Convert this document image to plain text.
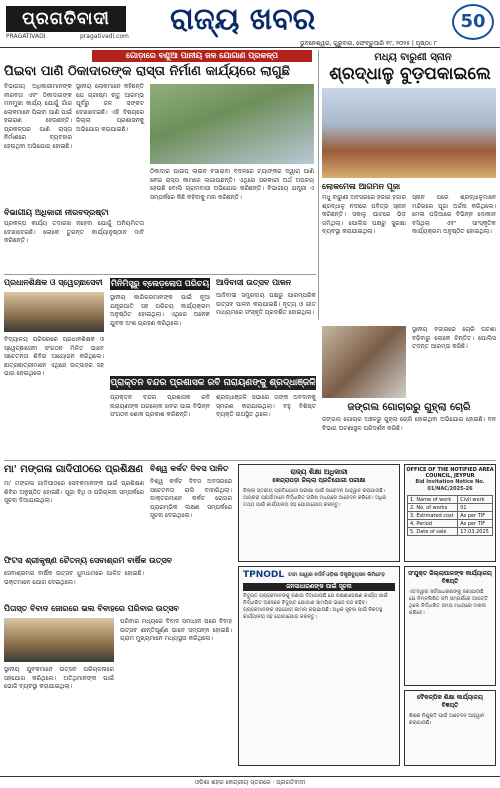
ପ୍ରଗତିବାଦୀ
PRAGATIVADI	pragativadi.com ରାଜ୍ୟ ଖବର	50
ଭୁବନେଶ୍ୱର, ଗୁରୁବାର, ଫେବ୍ରୁଆରି ୧୯, ୨୦୨୫ | ପୃଷ୍ଠା: ୮
ଗୋଡ଼ାରେ ବଣୁଆ ପାନୀୟ ଜଳ ଯୋଗାଣ ପ୍ରକଳ୍ପ
ପିଇବା ପାଣି ଠିକାଦାରଙ୍କ ରାସ୍ତା ନିର୍ମାଣ କାର୍ଯ୍ୟରେ ଲାଗୁଛି
ବିଭାଗୀୟ ଅଧିକାରୀମାନଙ୍କ ନୀରବତା ଏବଂ ଠିକାଦାରଙ୍କ ମନମୁଖୀ କାର୍ଯ୍ୟ ଯୋଗୁଁ ଗାଁର ଲୋକମାନେ ପିଇବା ପାଣି ପାଇଁ ହଇରାଣ ହେଉଛନ୍ତି। ପ୍ରକଳ୍ପର ପାଣି ରାସ୍ତା ନିର୍ମାଣରେ ବ୍ୟବହାର ହେଉଥିବା ଅଭିଯୋଗ ହୋଇଛି।
ସ୍ଥାନୀୟ ଲୋକମାନେ କହିଛନ୍ତି ଯେ ଗ୍ରୀଷ୍ମ ଋତୁ ଆରମ୍ଭ ପୂର୍ବରୁ ଜଳ ସଙ୍କଟ ଦେଖାଦେଇଛି। ଏହି ବିଷୟରେ ଜିଲ୍ଲା ପ୍ରଶାସନକୁ ଅଭିଯୋଗ କରାଯାଇଛି।
ବିଭାଗୀୟ ଅଧିକାରୀ ନୀରବଦ୍ରଷ୍ଟା
ପ୍ରକଳ୍ପ କାର୍ଯ୍ୟ ତଦାରଖ ନହେବା ଯୋଗୁଁ ଅନିୟମିତତା ଦେଖାଦେଇଛି। ଲୋକେ ତୁରନ୍ତ କାର୍ଯ୍ୟାନୁଷ୍ଠାନ ଦାବି କରିଛନ୍ତି।
ଠିକାଦାର ପାଇପ ଲାଇନ ବସାଇବା ବଦଳରେ ଟ୍ୟାଙ୍କର ଦ୍ୱାରା ପାଣି ନେଇ ରାସ୍ତା କାମରେ ଲଗାଉଛନ୍ତି। ଏଥିରେ ସରକାରୀ ଅର୍ଥ ଅପଚୟ ହେଉଛି ବୋଲି ଗ୍ରାମବାସୀ ଅଭିଯୋଗ କରିଛନ୍ତି। ବିଭାଗୀୟ ଯନ୍ତ୍ରୀ ଏ ସମ୍ପର୍କରେ କିଛି କହିବାକୁ ମନା କରିଛନ୍ତି।
ମଧ୍ୟ ବାରୁଣୀ ସ୍ନାନ
ଶ୍ରଦ୍ଧାଳୁ ବୁଡ଼ପକାଇଲେ
ଲୋକମେଳା ଆଗମନ ପୂଜା
ମଧୁ ବାରୁଣୀ ଅବସରରେ ହଜାର ହଜାର ଶ୍ରଦ୍ଧାଳୁ ନଦୀରେ ପବିତ୍ର ସ୍ନାନ କରିଛନ୍ତି। ସକାଳୁ ଘାଟରେ ଭିଡ଼ ଜମିଥିଲା। ପୋଲିସ ପକ୍ଷରୁ ସୁରକ୍ଷା ବ୍ୟବସ୍ଥା କରାଯାଇଥିଲା।
ସ୍ନାନ ପରେ ଶ୍ରଦ୍ଧାଳୁମାନେ ମନ୍ଦିରରେ ପୂଜା ଅର୍ଚ୍ଚନା କରିଥିଲେ। ମେଳା ପଡ଼ିଆରେ ବିଭିନ୍ନ ଦୋକାନ ବସିଥିଲା ଏବଂ ସାଂସ୍କୃତିକ କାର୍ଯ୍ୟକ୍ରମ ଅନୁଷ୍ଠିତ ହୋଇଥିଲା।
ପ୍ରଧାନଶିକ୍ଷକ ଓ ସ୍ୱେଚ୍ଛାସେବୀ
ବିଦ୍ୟାଳୟ ପରିସରରେ ପ୍ରଧାନଶିକ୍ଷକ ଓ ସ୍ୱେଚ୍ଛାସେବୀ ସଂଗଠନ ମିଳିତ ଭାବେ ସଚେତନତା ଶିବିର ଆୟୋଜନ କରିଥିଲେ। ଛାତ୍ରଛାତ୍ରୀମାନେ ଏଥିରେ ଉତ୍ସାହର ସହ ଭାଗ ନେଇଥିଲେ।
ମିନିମିସ୍ତ୍ରୁ ବ୍ଲେଡ଼ଲୋପ ପରିଚୟ
ସ୍ଥାନୀୟ କାରିଗରମାନଙ୍କ ପାଇଁ ନୂଆ ଯନ୍ତ୍ରପାତି ସହ ପରିଚୟ କାର୍ଯ୍ୟକ୍ରମ ଅନୁଷ୍ଠିତ ହୋଇଥିଲା। ଏଥିରେ ଅନେକ ଯୁବକ ଅଂଶ ଗ୍ରହଣ କରିଥିଲେ।
ଆଦିବାସୀ ଉତ୍ସବ ପାଳନ
ଆଦିବାସୀ ସମ୍ପ୍ରଦାୟ ପକ୍ଷରୁ ପାରମ୍ପରିକ ଉତ୍ସବ ପାଳନ କରାଯାଇଛି। ନୃତ୍ୟ ଓ ଗୀତ ମାଧ୍ୟମରେ ସଂସ୍କୃତି ପ୍ରଦର୍ଶିତ ହୋଇଥିଲା।
ପ୍ରାକ୍ତନ ବନ୍ଦର ପ୍ରଶାସକ ରବି ନାରାୟଣଙ୍କୁ ଶ୍ରଦ୍ଧାଞ୍ଜଳି
ପ୍ରାକ୍ତନ ବନ୍ଦର ପ୍ରଶାସକ ରବି ନାରାୟଣଙ୍କ ପରଲୋକ ଖବର ପାଇ ବିଭିନ୍ନ ସଂଗଠନ ଶୋକ ପ୍ରକାଶ କରିଛନ୍ତି।
ଶ୍ରଦ୍ଧାଞ୍ଜଳି ସଭାରେ ତାଙ୍କ ଅବଦାନକୁ ସ୍ମରଣ କରାଯାଇଥିଲା। ବହୁ ବିଶିଷ୍ଟ ବ୍ୟକ୍ତି ଉପସ୍ଥିତ ଥିଲେ।
ସ୍ଥାନୀୟ ବଜାରରେ ଚୋରି ଘଟଣା ବଢ଼ିବାରୁ ଲୋକେ ଚିନ୍ତିତ। ପୋଲିସ ତଦନ୍ତ ଆରମ୍ଭ କରିଛି।
ଜଙ୍ଗଲ ଗୋଚାରରୁ ଗୁହ୍ଲା ଚୋରି
ଜଙ୍ଗଲ ଗୋଚାର ଅଞ୍ଚଳରୁ ଗୁହ୍ଲା ଚୋରି ହୋଇଥିବା ଅଭିଯୋଗ ହୋଇଛି। ବନ ବିଭାଗ ଘଟଣାସ୍ଥଳ ପରିଦର୍ଶନ କରିଛି।
ମା' ମଙ୍ଗଳା ଗାଦିପୀଠରେ ପ୍ରଶିକ୍ଷଣ
ମା' ମଙ୍ଗଳା ଗାଦିପୀଠରେ ସେବକମାନଙ୍କ ପାଇଁ ପ୍ରଶିକ୍ଷଣ ଶିବିର ଅନୁଷ୍ଠିତ ହୋଇଛି। ପୂଜା ବିଧି ଓ ପରିଚାଳନା ସମ୍ପର୍କରେ ସୂଚନା ଦିଆଯାଇଥିଲା।
ବିଶ୍ୱ କର୍କଟ ଦିବସ ପାଳିତ
ବିଶ୍ୱ କର୍କଟ ଦିବସ ଅବସରରେ ସଚେତନତା ରାଲି ବାହାରିଥିଲା। ଡାକ୍ତରମାନେ କର୍କଟ ରୋଗର ପ୍ରାରମ୍ଭିକ ଲକ୍ଷଣ ସମ୍ପର୍କରେ ସୂଚନା ଦେଇଥିଲେ।
ଫିଟସ ଶ୍ରୀକୃଷ୍ଣ ଚୈତନ୍ୟ ସେବାଶ୍ରମ ବାର୍ଷିକ ଉତ୍ସବ
ସେବାଶ୍ରମର ବାର୍ଷିକ ଉତ୍ସବ ଧୁମଧାମରେ ପାଳିତ ହୋଇଛି। ଭକ୍ତମାନେ ଯୋଗ ଦେଇଥିଲେ।
ପିତାସ୍ତ ବିବାଦ ଜୋରରେ ଭଲ ବିବାହରେ ପରିବାର ଉତ୍ସବ
ପରିବାର ମଧ୍ୟରେ ବିବାଦ ସମାଧାନ ପରେ ବିବାହ ଉତ୍ସବ ଶାନ୍ତିପୂର୍ଣ୍ଣ ଭାବେ ସମ୍ପନ୍ନ ହୋଇଛି। ଗ୍ରାମ ମୁଖ୍ୟମାନେ ମଧ୍ୟସ୍ଥତା କରିଥିଲେ।
ସ୍ଥାନୀୟ ଯୁବକମାନେ ଉତ୍ସବ ପରିଚାଳନାରେ ସହଯୋଗ କରିଥିଲେ। ଅତିଥିମାନଙ୍କ ପାଇଁ ଭୋଜି ବ୍ୟବସ୍ଥା କରାଯାଇଥିଲା।
ରାଜ୍ୟ ଶିକ୍ଷା ଅଧିକାରୀ
କେନ୍ଦ୍ରାପଡ଼ା ଜିଲ୍ଲା ପ୍ରତିଯୋଗୀ ପରୀକ୍ଷା
ଜିଲ୍ଲା ସ୍ତରୀୟ ପ୍ରତିଯୋଗୀ ପରୀକ୍ଷା ପାଇଁ ଆବେଦନ ଆହ୍ୱାନ କରାଯାଉଛି। ଆଗ୍ରହୀ ପ୍ରାର୍ଥୀମାନେ ନିର୍ଦ୍ଧାରିତ ତାରିଖ ମଧ୍ୟରେ ଆବେଦନ କରିବେ। ଅଧିକ ତଥ୍ୟ ପାଇଁ କାର୍ଯ୍ୟାଳୟ ସହ ଯୋଗାଯୋଗ କରନ୍ତୁ।
OFFICE OF THE NOTIFIED AREA COUNCIL, JEYPUR
Bid Invitation Notice No. 01/NAC/2025-26
1. Name of work	Civil work
2. No. of works	01
3. Estimated cost	As per TIF
4. Period	As per TIF
5. Date of sale	17.03.2025
TPNODL ଟାଟା ପାୱାର ନର୍ଦ୍ଦର୍ନ ଓଡ଼ିଶା ଡିଷ୍ଟ୍ରିବ୍ୟୁସନ ଲିମିଟେଡ଼
ଜନସାଧାରଣଙ୍କ ପାଇଁ ସୂଚନା
ବିଦ୍ୟୁତ ଗ୍ରାହକମାନଙ୍କୁ ଜଣାଇ ଦିଆଯାଉଛି ଯେ ରକ୍ଷଣାବେକ୍ଷଣ କାର୍ଯ୍ୟ ପାଇଁ ନିର୍ଦ୍ଧାରିତ ଅଞ୍ଚଳରେ ବିଦ୍ୟୁତ ଯୋଗାଣ ସାମୟିକ ଭାବେ ବନ୍ଦ ରହିବ। ଗ୍ରାହକମାନଙ୍କ ସହଯୋଗ କାମନା କରାଯାଉଛି। ଅଧିକ ସୂଚନା ପାଇଁ ନିକଟସ୍ଥ କାର୍ଯ୍ୟାଳୟ ସହ ଯୋଗାଯୋଗ କରନ୍ତୁ।
ସଂଯୁକ୍ତ ଜିଲ୍ଲାପାଳଙ୍କ କାର୍ଯ୍ୟାଳୟ
ବିଜ୍ଞପ୍ତି
ଏତଦ୍ୱାରା ସର୍ବସାଧାରଣଙ୍କୁ ଜଣାଯାଉଛି ଯେ ନିମ୍ନଲିଖିତ ଜମି ସମ୍ପର୍କରେ ଆପତ୍ତି ଥିଲେ ନିର୍ଦ୍ଧାରିତ ସମୟ ମଧ୍ୟରେ ଦାଖଲ କରିବେ।
ବୈକଳ୍ପିକ ଶିକ୍ଷା କାର୍ଯ୍ୟାଳୟ
ବିଜ୍ଞପ୍ତି
ଶିକ୍ଷକ ନିଯୁକ୍ତି ପାଇଁ ଆବେଦନ ଆହ୍ୱାନ କରାଯାଉଛି।
ଓଡ଼ିଶା ଶହର କେନ୍ଦ୍ରୀୟ ସ୍ତରରେ · ପ୍ରଗତିବାଦୀ
